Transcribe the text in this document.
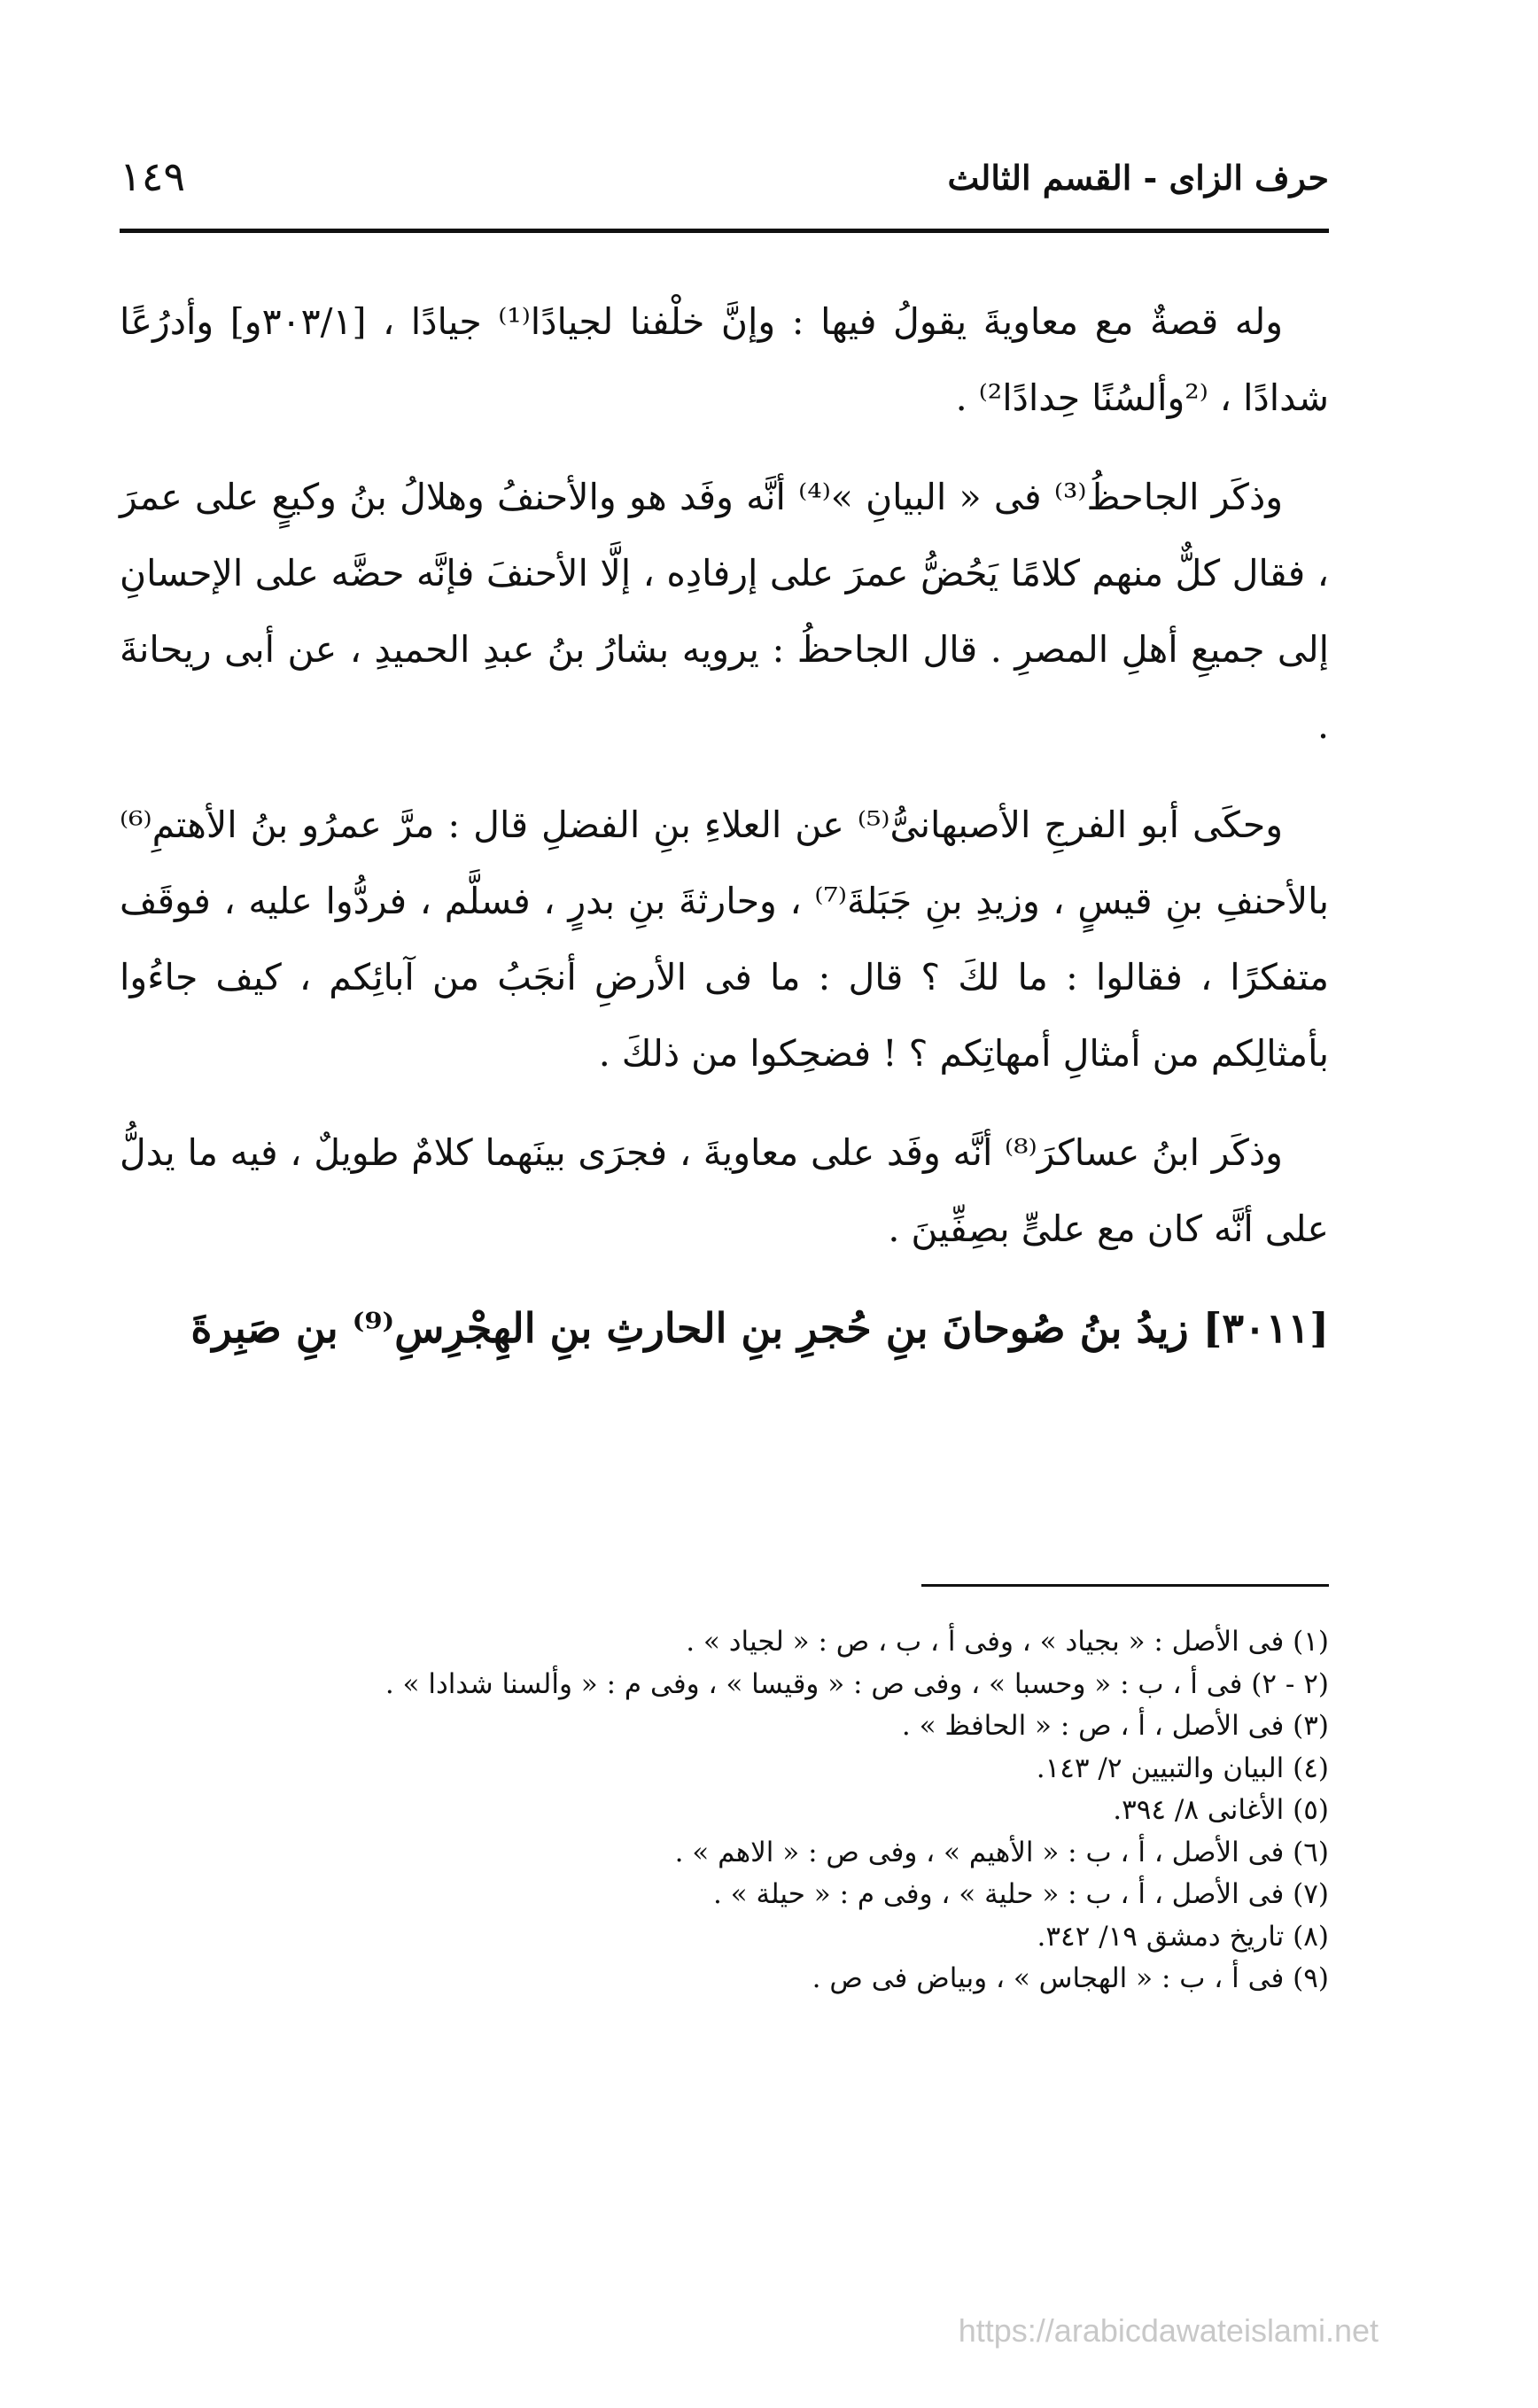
حرف الزاى - القسم الثالث
١٤٩

وله قصةٌ مع معاويةَ يقولُ فيها : وإنَّ خلْفنا لجيادًا⁽¹⁾ جيادًا ، [٣٠٣/١و] وأدرُعًا شدادًا ، ⁽²وألسُنًا حِدادًا²⁾ .

وذكَر الجاحظُ⁽³⁾ فى « البيانِ »⁽⁴⁾ أنَّه وفَد هو والأحنفُ وهلالُ بنُ وكيعٍ على عمرَ ، فقال كلٌّ منهم كلامًا يَحُضُّ عمرَ على إرفادِه ، إلَّا الأحنفَ فإنَّه حضَّه على الإحسانِ إلى جميعِ أهلِ المصرِ . قال الجاحظُ : يرويه بشارُ بنُ عبدِ الحميدِ ، عن أبى ريحانةَ .

وحكَى أبو الفرجِ الأصبهانىُّ⁽⁵⁾ عن العلاءِ بنِ الفضلِ قال : مرَّ عمرُو بنُ الأهتمِ⁽⁶⁾ بالأحنفِ بنِ قيسٍ ، وزيدِ بنِ جَبَلةَ⁽⁷⁾ ، وحارثةَ بنِ بدرٍ ، فسلَّم ، فردُّوا عليه ، فوقَف متفكرًا ، فقالوا : ما لكَ ؟ قال : ما فى الأرضِ أنجَبُ من آبائِكم ، كيف جاءُوا بأمثالِكم من أمثالِ أمهاتِكم ؟ ! فضحِكوا من ذلكَ .

وذكَر ابنُ عساكرَ⁽⁸⁾ أنَّه وفَد على معاويةَ ، فجرَى بينَهما كلامٌ طويلٌ ، فيه ما يدلُّ على أنَّه كان مع علىٍّ بصِفِّينَ .

[٣٠١١] زيدُ بنُ صُوحانَ بنِ حُجرِ بنِ الحارثِ بنِ الهِجْرِسِ⁽⁹⁾ بنِ صَبِرةَ

(١) فى الأصل : « بجياد » ، وفى أ ، ب ، ص : « لجياد » .
(٢ - ٢) فى أ ، ب : « وحسبا » ، وفى ص : « وقيسا » ، وفى م : « وألسنا شدادا » .
(٣) فى الأصل ، أ ، ص : « الحافظ » .
(٤) البيان والتبيين ٢/ ١٤٣.
(٥) الأغانى ٨/ ٣٩٤.
(٦) فى الأصل ، أ ، ب : « الأهيم » ، وفى ص : « الاهم » .
(٧) فى الأصل ، أ ، ب : « حلية » ، وفى م : « حيلة » .
(٨) تاريخ دمشق ١٩/ ٣٤٢.
(٩) فى أ ، ب : « الهجاس » ، وبياض فى ص .
https://arabicdawateislami.net
